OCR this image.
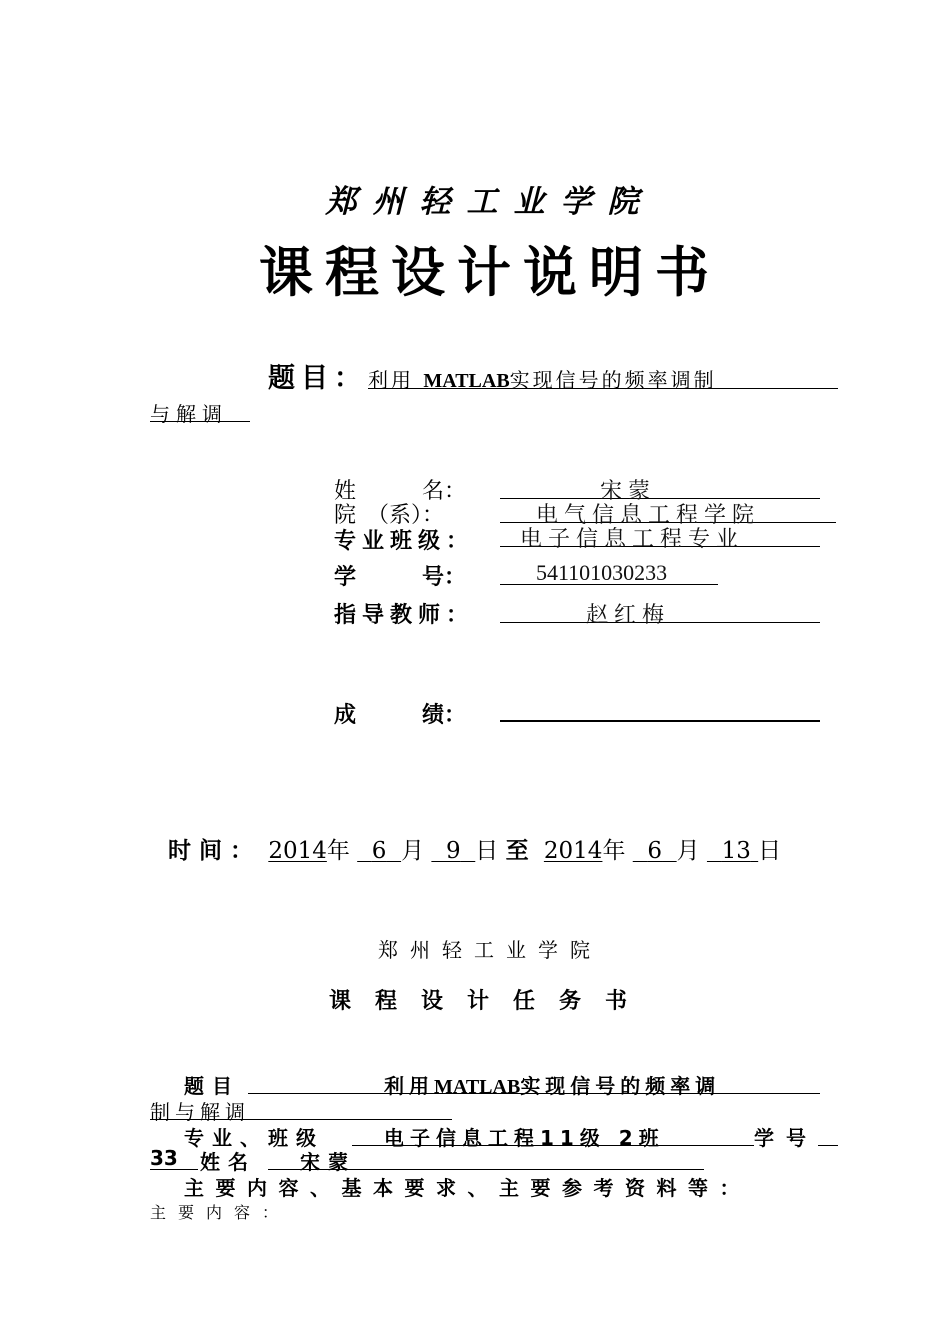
郑州轻工业学院
课程设计说明书
题目： 利用 MATLAB实现信号的频率调制
与解调
姓　　　名：	宋蒙
院　（系）：	电气信息工程学院
专业班级： 电子信息工程专业
学　　　号：	541101030233
指导教师：	赵红梅
成　　　绩：
时间： 2014年 6 月 9 日 至 2014年 6 月 13 日
郑州轻工业学院
课程设计任务书
题目	利用MATLAB实现信号的频率调
制与解调
专业、班级	电子信息工程11级 2班	学号
33 姓名 宋蒙
主要内容、基本要求、主要参考资料等：
主要内容：
